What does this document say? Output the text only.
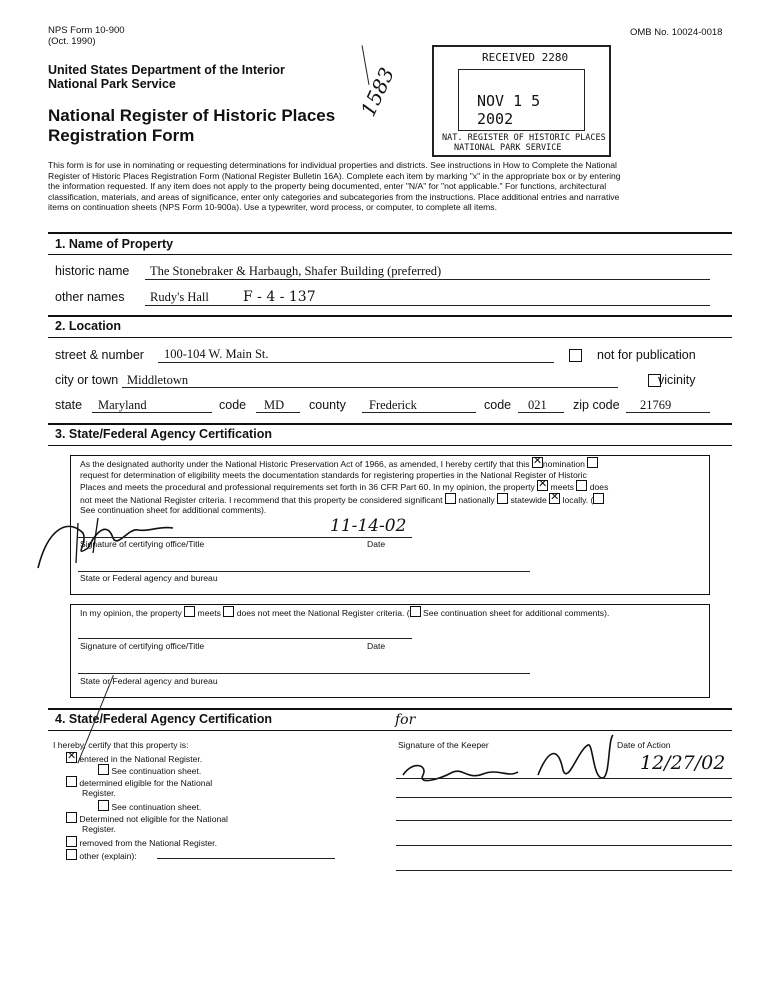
NPS Form 10-900
(Oct. 1990)
OMB No. 10024-0018
United States Department of the Interior
National Park Service
National Register of Historic Places
Registration Form
1583
RECEIVED 2280
NOV 1 5 2002
NAT. REGISTER OF HISTORIC PLACES
NATIONAL PARK SERVICE
This form is for use in nominating or requesting determinations for individual properties and districts. See instructions in How to Complete the National
Register of Historic Places Registration Form (National Register Bulletin 16A). Complete each item by marking "x" in the appropriate box or by entering
the information requested. If any item does not apply to the property being documented, enter "N/A" for "not applicable." For functions, architectural
classification, materials, and areas of significance, enter only categories and subcategories from the instructions. Place additional entries and narrative
items on continuation sheets (NPS Form 10-900a). Use a typewriter, word process, or computer, to complete all items.
1. Name of Property
historic name The Stonebraker & Harbaugh, Shafer Building (preferred)
other names Rudy's Hall F - 4 - 137
2. Location
street & number 100-104 W. Main St.
	not for publication
city or town Middletown	vicinity
state Maryland	code MD county Frederick	code 021 zip code 21769
3. State/Federal Agency Certification
As the designated authority under the National Historic Preservation Act of 1966, as amended, I hereby certify that this ✕ nomination
request for determination of eligibility meets the documentation standards for registering properties in the National Register of Historic
Places and meets the procedural and professional requirements set forth in 36 CFR Part 60. In my opinion, the property ✕ meets does
not meet the National Register criteria. I recommend that this property be considered significant nationally statewide ✕ locally. (
See continuation sheet for additional comments).
11-14-02
Signature of certifying office/Title	Date
State or Federal agency and bureau
In my opinion, the property meets does not meet the National Register criteria. ( See continuation sheet for additional comments).
Signature of certifying office/Title	Date
State or Federal agency and bureau
4. State/Federal Agency Certification
I hereby, certify that this property is:
✕ entered in the National Register.
See continuation sheet.
determined eligible for the National
Register.
See continuation sheet.
Determined not eligible for the National
Register.
removed from the National Register.
other (explain):
for
Signature of the Keeper	Date of Action
12/27/02
